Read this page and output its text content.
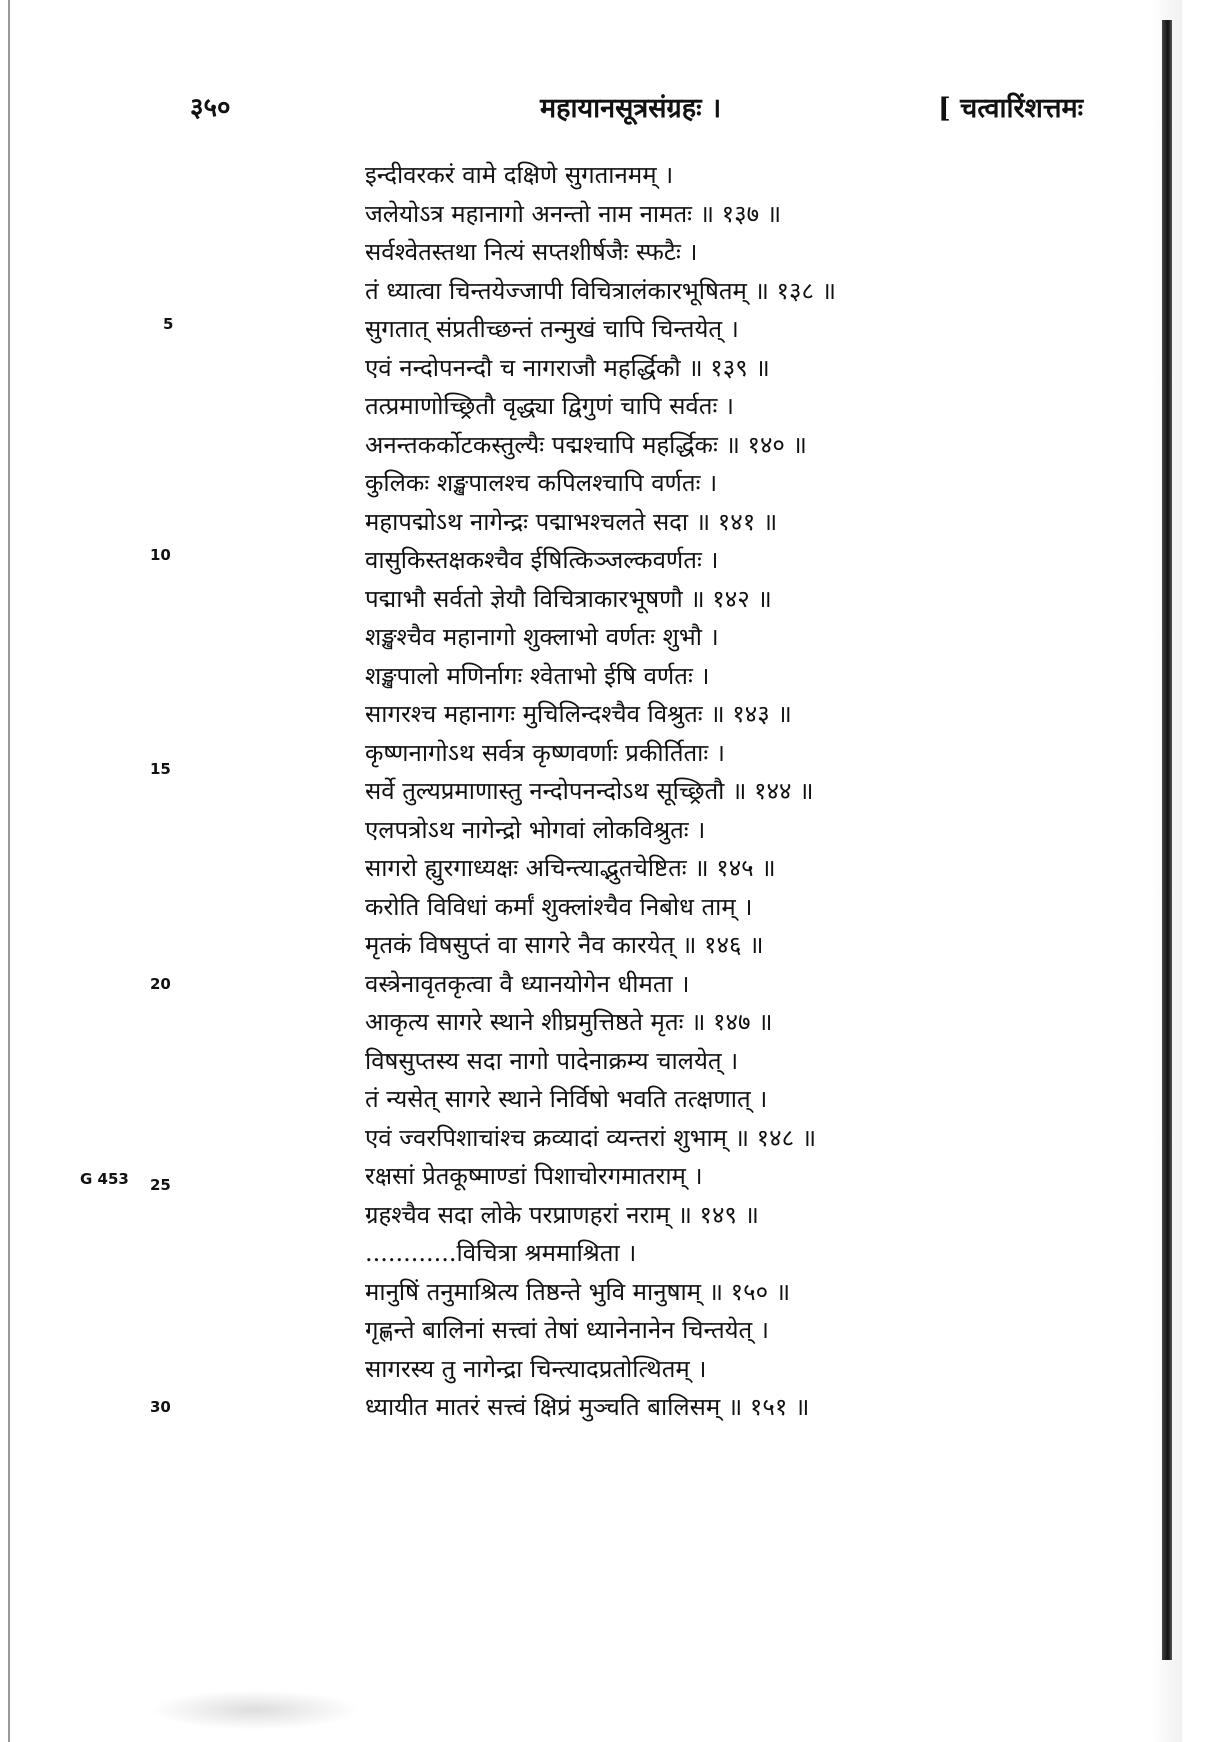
३५०	महायानसूत्रसंग्रहः ।	[ चत्वारिंशत्तमः
5
10
15
20
G 453 25
30
इन्दीवरकरं वामे दक्षिणे सुगतानमम् ।
जलेयोऽत्र महानागो अनन्तो नाम नामतः ॥ १३७ ॥
सर्वश्वेतस्तथा नित्यं सप्तशीर्षजैः स्फटैः ।
तं ध्यात्वा चिन्तयेज्जापी विचित्रालंकारभूषितम् ॥ १३८ ॥
सुगतात् संप्रतीच्छन्तं तन्मुखं चापि चिन्तयेत् ।
एवं नन्दोपनन्दौ च नागराजौ महर्द्धिकौ ॥ १३९ ॥
तत्प्रमाणोच्छ्रितौ वृद्ध्या द्विगुणं चापि सर्वतः ।
अनन्तकर्कोटकस्तुल्यैः पद्मश्चापि महर्द्धिकः ॥ १४० ॥
कुलिकः शङ्खपालश्च कपिलश्चापि वर्णतः ।
महापद्मोऽथ नागेन्द्रः पद्माभश्चलते सदा ॥ १४१ ॥
वासुकिस्तक्षकश्चैव ईषित्किञ्जल्कवर्णतः ।
पद्माभौ सर्वतो ज्ञेयौ विचित्राकारभूषणौ ॥ १४२ ॥
शङ्खश्चैव महानागो शुक्लाभो वर्णतः शुभौ ।
शङ्खपालो मणिर्नागः श्वेताभो ईषि वर्णतः ।
सागरश्च महानागः मुचिलिन्दश्चैव विश्रुतः ॥ १४३ ॥
कृष्णनागोऽथ सर्वत्र कृष्णवर्णाः प्रकीर्तिताः ।
सर्वे तुल्यप्रमाणास्तु नन्दोपनन्दोऽथ सूच्छ्रितौ ॥ १४४ ॥
एलपत्रोऽथ नागेन्द्रो भोगवां लोकविश्रुतः ।
सागरो ह्युरगाध्यक्षः अचिन्त्याद्भुतचेष्टितः ॥ १४५ ॥
करोति विविधां कर्मां शुक्लांश्चैव निबोध ताम् ।
मृतकं विषसुप्तं वा सागरे नैव कारयेत् ॥ १४६ ॥
वस्त्रेनावृतकृत्वा वै ध्यानयोगेन धीमता ।
आकृत्य सागरे स्थाने शीघ्रमुत्तिष्ठते मृतः ॥ १४७ ॥
विषसुप्तस्य सदा नागो पादेनाक्रम्य चालयेत् ।
तं न्यसेत् सागरे स्थाने निर्विषो भवति तत्क्षणात् ।
एवं ज्वरपिशाचांश्च क्रव्यादां व्यन्तरां शुभाम् ॥ १४८ ॥
रक्षसां प्रेतकूष्माण्डां पिशाचोरगमातराम् ।
ग्रहश्चैव सदा लोके परप्राणहरां नराम् ॥ १४९ ॥
............विचित्रा श्रममाश्रिता ।
मानुषिं तनुमाश्रित्य तिष्ठन्ते भुवि मानुषाम् ॥ १५० ॥
गृह्णन्ते बालिनां सत्त्वां तेषां ध्यानेनानेन चिन्तयेत् ।
सागरस्य तु नागेन्द्रा चिन्त्यादप्रतोत्थितम् ।
ध्यायीत मातरं सत्त्वं क्षिप्रं मुञ्चति बालिसम् ॥ १५१ ॥
